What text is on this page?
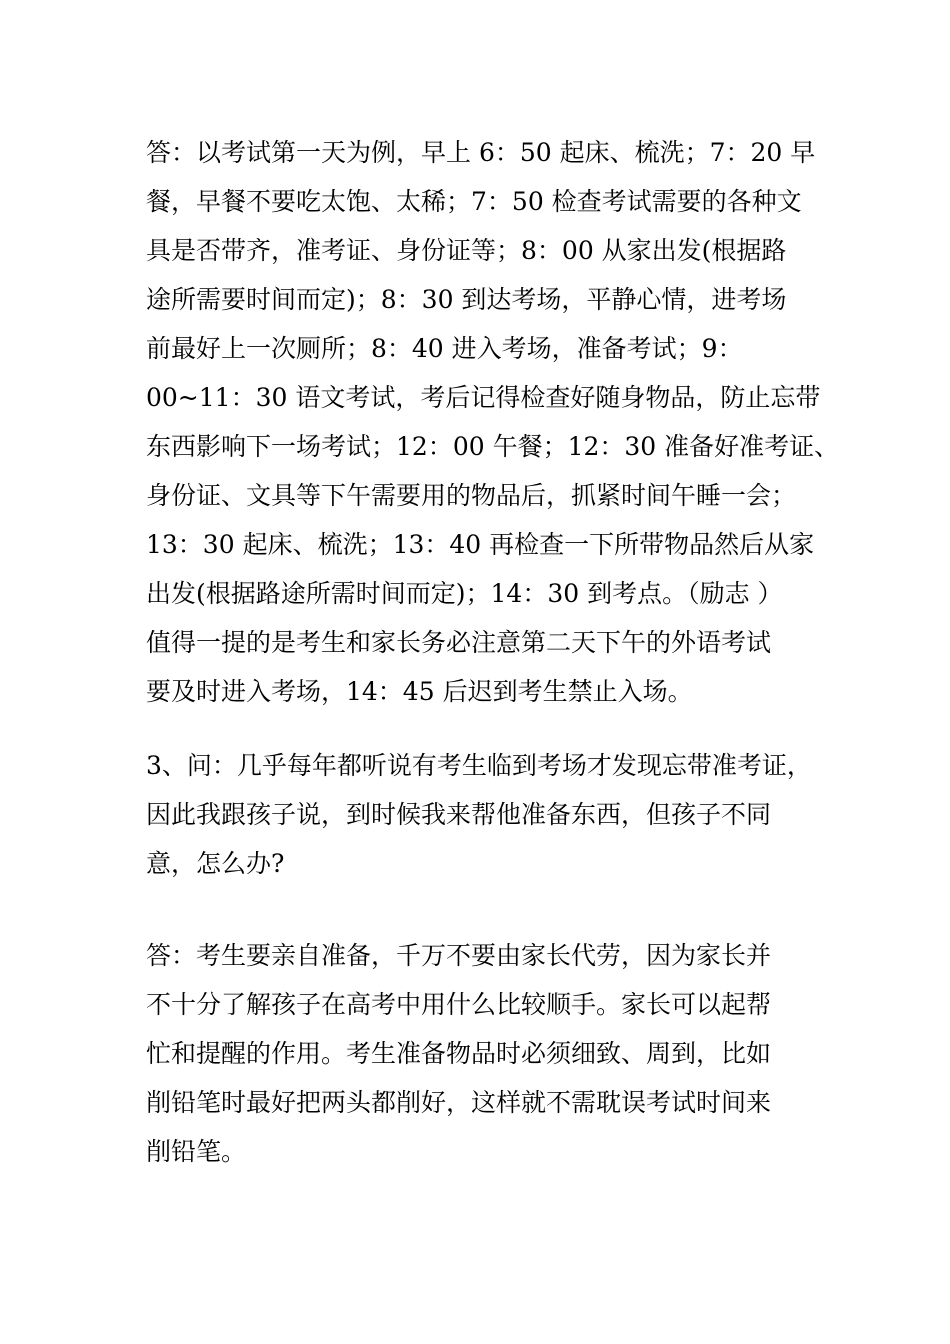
答：以考试第一天为例，早上 6：50 起床、梳洗；7：20 早
餐，早餐不要吃太饱、太稀；7：50 检查考试需要的各种文
具是否带齐，准考证、身份证等；8：00 从家出发(根据路
途所需要时间而定)；8：30 到达考场，平静心情，进考场
前最好上一次厕所；8：40 进入考场，准备考试；9：
00~11：30 语文考试，考后记得检查好随身物品，防止忘带
东西影响下一场考试；12：00 午餐；12：30 准备好准考证、
身份证、文具等下午需要用的物品后，抓紧时间午睡一会；
13：30 起床、梳洗；13：40 再检查一下所带物品然后从家
出发(根据路途所需时间而定)；14：30 到考点。（励志 ）
值得一提的是考生和家长务必注意第二天下午的外语考试
要及时进入考场，14：45 后迟到考生禁止入场。
3、问：几乎每年都听说有考生临到考场才发现忘带准考证，
因此我跟孩子说，到时候我来帮他准备东西，但孩子不同
意，怎么办?
答：考生要亲自准备，千万不要由家长代劳，因为家长并
不十分了解孩子在高考中用什么比较顺手。家长可以起帮
忙和提醒的作用。考生准备物品时必须细致、周到，比如
削铅笔时最好把两头都削好，这样就不需耽误考试时间来
削铅笔。
